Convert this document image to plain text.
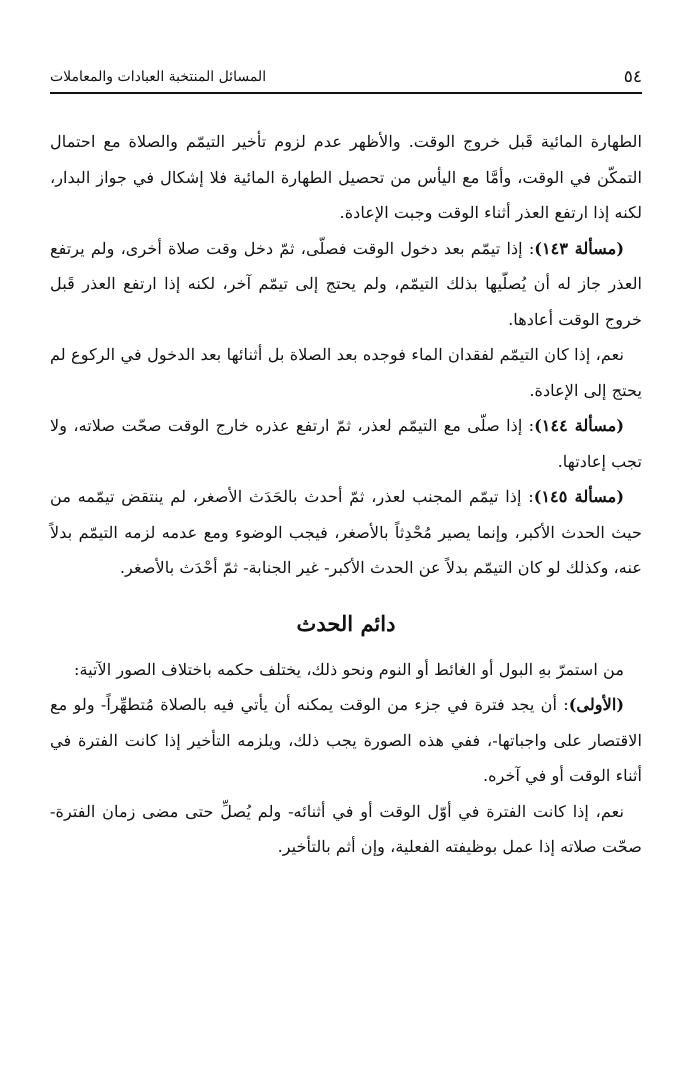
٥٤
المسائل المنتخبة العبادات والمعاملات

الطهارة المائية قَبل خروج الوقت. والأظهر عدم لزوم تأخير التيمّم والصلاة مع احتمال التمكّن في الوقت، وأمَّا مع اليأس من تحصيل الطهارة المائية فلا إشكال في جواز البدار، لكنه إذا ارتفع العذر أثناء الوقت وجبت الإعادة.

(مسألة ١٤٣): إذا تيمّم بعد دخول الوقت فصلّى، ثمّ دخل وقت صلاة أخرى، ولم يرتفع العذر جاز له أن يُصلّيها بذلك التيمّم، ولم يحتج إلى تيمّم آخر، لكنه إذا ارتفع العذر قَبل خروج الوقت أعادها.

نعم، إذا كان التيمّم لفقدان الماء فوجده بعد الصلاة بل أثنائها بعد الدخول في الركوع لم يحتج إلى الإعادة.

(مسألة ١٤٤): إذا صلّى مع التيمّم لعذر، ثمّ ارتفع عذره خارج الوقت صحّت صلاته، ولا تجب إعادتها.

(مسألة ١٤٥): إذا تيمّم المجنب لعذر، ثمّ أحدث بالحَدَث الأصغر، لم ينتقض تيمّمه من حيث الحدث الأكبر، وإنما يصير مُحْدِثاً بالأصغر، فيجب الوضوء ومع عدمه لزمه التيمّم بدلاً عنه، وكذلك لو كان التيمّم بدلاً عن الحدث الأكبر- غير الجنابة- ثمّ أحْدَث بالأصغر.

دائم الحدث

من استمرّ بهِ البول أو الغائط أو النوم ونحو ذلك، يختلف حكمه باختلاف الصور الآتية:

(الأولى): أن يجد فترة في جزء من الوقت يمكنه أن يأتي فيه بالصلاة مُتطهِّراً- ولو مع الاقتصار على واجباتها-، ففي هذه الصورة يجب ذلك، ويلزمه التأخير إذا كانت الفترة في أثناء الوقت أو في آخره.

نعم، إذا كانت الفترة في أوّل الوقت أو في أثنائه- ولم يُصلِّ حتى مضى زمان الفترة- صحّت صلاته إذا عمل بوظيفته الفعلية، وإن أثم بالتأخير.
